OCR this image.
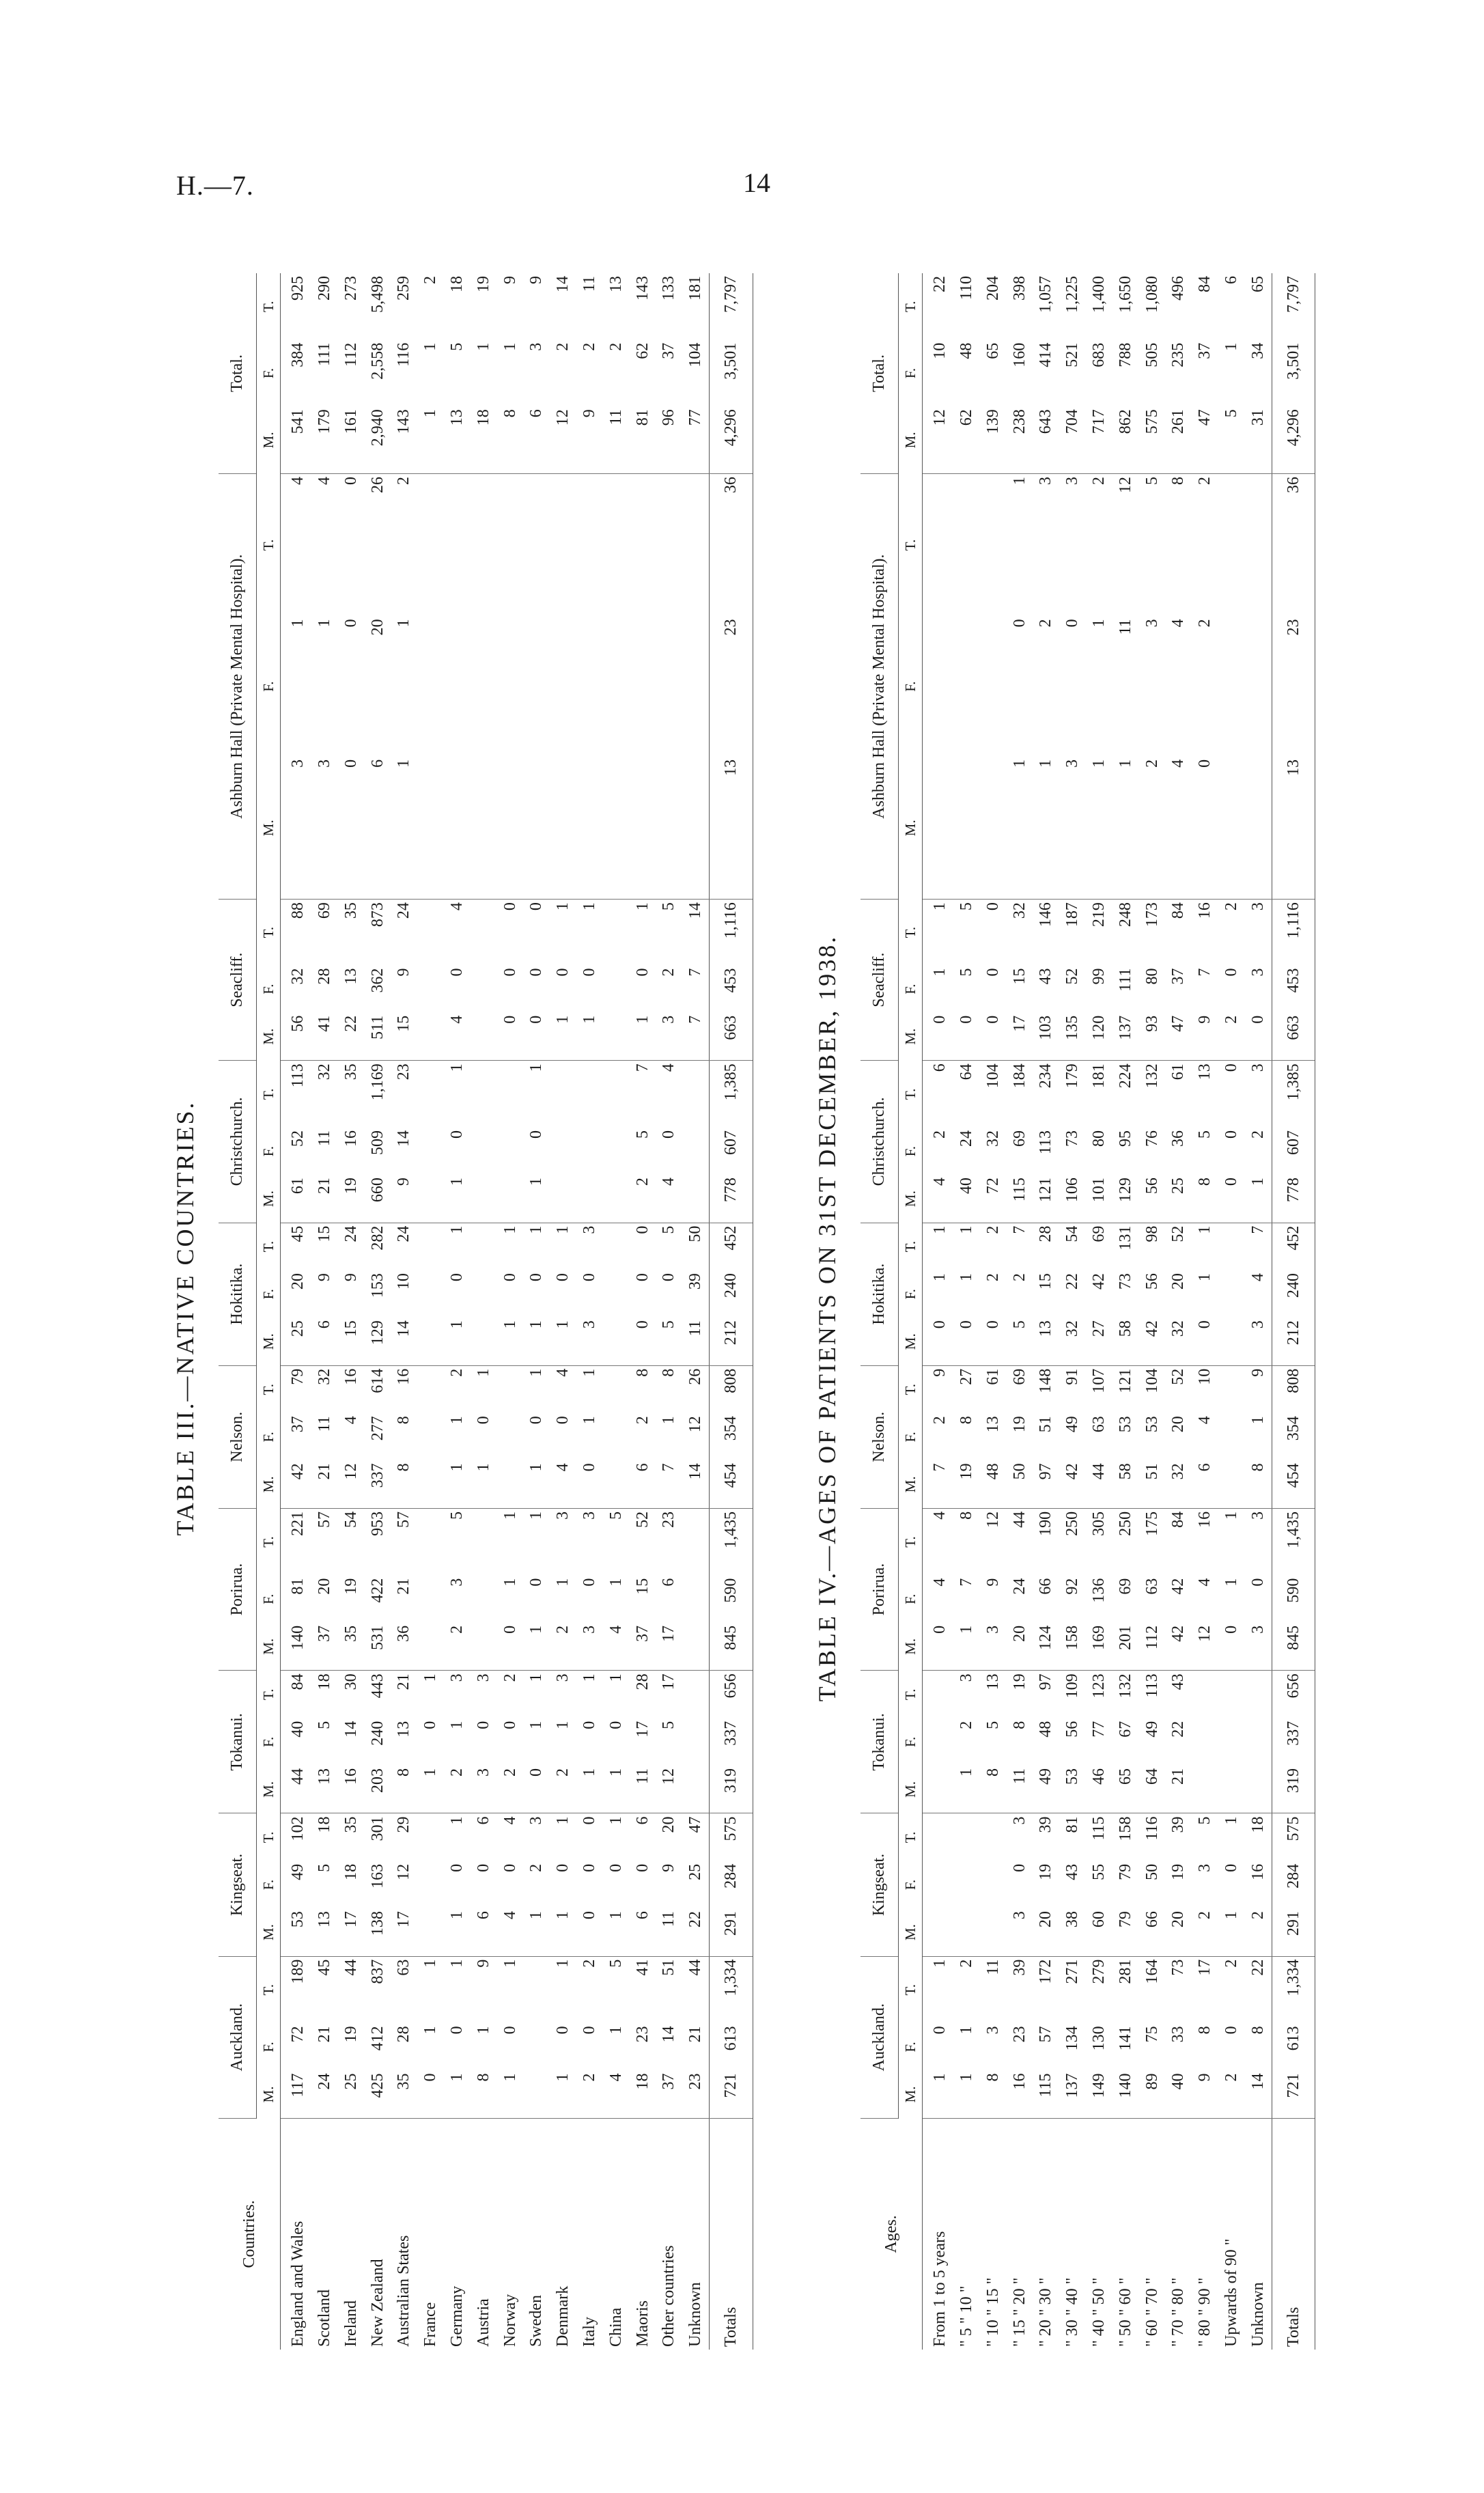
H.—7.	14
TABLE III.—NATIVE COUNTRIES.
Countries.	Auckland.			Kingseat.			Tokanui.			Porirua.			Nelson.			Hokitika.			Christchurch.			Seacliff.			Ashburn Hall (Private Mental Hospital).			Total.		
	M.	F.	T.	M.	F.	T.	M.	F.	T.	M.	F.	T.	M.	F.	T.	M.	F.	T.	M.	F.	T.	M.	F.	T.	M.	F.	T.	M.	F.	T.
England and Wales	117	72	189	53	49	102	44	40	84	140	81	221	42	37	79	25	20	45	61	52	113	56	32	88	3	1	4	541	384	925
Scotland	24	21	45	13	5	18	13	5	18	37	20	57	21	11	32	6	9	15	21	11	32	41	28	69	3	1	4	179	111	290
Ireland	25	19	44	17	18	35	16	14	30	35	19	54	12	4	16	15	9	24	19	16	35	22	13	35	0	0	0	161	112	273
New Zealand	425	412	837	138	163	301	203	240	443	531	422	953	337	277	614	129	153	282	660	509	1,169	511	362	873	6	20	26	2,940	2,558	5,498
Australian States	35	28	63	17	12	29	8	13	21	36	21	57	8	8	16	14	10	24	9	14	23	15	9	24	1	1	2	143	116	259
France	0	1	1				1	0	1																			1	1	2
Germany	1	0	1	1	0	1	2	1	3	2	3	5	1	1	2	1	0	1	1	0	1	4	0	4				13	5	18
Austria	8	1	9	6	0	6	3	0	3				1	0	1													18	1	19
Norway	1	0	1	4	0	4	2	0	2	0	1	1				1	0	1				0	0	0				8	1	9
Sweden				1	2	3	0	1	1	1	0	1	1	0	1	1	0	1	1	0	1	0	0	0				6	3	9
Denmark	1	0	1	1	0	1	2	1	3	2	1	3	4	0	4	1	0	1				1	0	1				12	2	14
Italy	2	0	2	0	0	0	1	0	1	3	0	3	0	1	1	3	0	3				1	0	1				9	2	11
China	4	1	5	1	0	1	1	0	1	4	1	5																11	2	13
Maoris	18	23	41	6	0	6	11	17	28	37	15	52	6	2	8	0	0	0	2	5	7	1	0	1				81	62	143
Other countries	37	14	51	11	9	20	12	5	17	17	6	23	7	1	8	5	0	5	4	0	4	3	2	5				96	37	133
Unknown	23	21	44	22	25	47							14	12	26	11	39	50				7	7	14				77	104	181
Totals	721	613	1,334	291	284	575	319	337	656	845	590	1,435	454	354	808	212	240	452	778	607	1,385	663	453	1,116	13	23	36	4,296	3,501	7,797
TABLE IV.—AGES OF PATIENTS ON 31ST DECEMBER, 1938.
Ages.	Auckland.			Kingseat.			Tokanui.			Porirua.			Nelson.			Hokitika.			Christchurch.			Seacliff.			Ashburn Hall (Private Mental Hospital).			Total.		
	M.	F.	T.	M.	F.	T.	M.	F.	T.	M.	F.	T.	M.	F.	T.	M.	F.	T.	M.	F.	T.	M.	F.	T.	M.	F.	T.	M.	F.	T.
From 1 to 5 years	1	0	1							0	4	4	7	2	9	0	1	1	4	2	6	0	1	1				12	10	22
" 5 " 10 "	1	1	2				1	2	3	1	7	8	19	8	27	0	1	1	40	24	64	0	5	5				62	48	110
" 10 " 15 "	8	3	11				8	5	13	3	9	12	48	13	61	0	2	2	72	32	104	0	0	0				139	65	204
" 15 " 20 "	16	23	39	3	0	3	11	8	19	20	24	44	50	19	69	5	2	7	115	69	184	17	15	32	1	0	1	238	160	398
" 20 " 30 "	115	57	172	20	19	39	49	48	97	124	66	190	97	51	148	13	15	28	121	113	234	103	43	146	1	2	3	643	414	1,057
" 30 " 40 "	137	134	271	38	43	81	53	56	109	158	92	250	42	49	91	32	22	54	106	73	179	135	52	187	3	0	3	704	521	1,225
" 40 " 50 "	149	130	279	60	55	115	46	77	123	169	136	305	44	63	107	27	42	69	101	80	181	120	99	219	1	1	2	717	683	1,400
" 50 " 60 "	140	141	281	79	79	158	65	67	132	201	69	250	58	53	121	58	73	131	129	95	224	137	111	248	1	11	12	862	788	1,650
" 60 " 70 "	89	75	164	66	50	116	64	49	113	112	63	175	51	53	104	42	56	98	56	76	132	93	80	173	2	3	5	575	505	1,080
" 70 " 80 "	40	33	73	20	19	39	21	22	43	42	42	84	32	20	52	32	20	52	25	36	61	47	37	84	4	4	8	261	235	496
" 80 " 90 "	9	8	17	2	3	5				12	4	16	6	4	10	0	1	1	8	5	13	9	7	16	0	2	2	47	37	84
Upwards of 90 "	2	0	2	1	0	1				0	1	1							0	0	0	2	0	2				5	1	6
Unknown	14	8	22	2	16	18				3	0	3	8	1	9	3	4	7	1	2	3	0	3	3				31	34	65
Totals	721	613	1,334	291	284	575	319	337	656	845	590	1,435	454	354	808	212	240	452	778	607	1,385	663	453	1,116	13	23	36	4,296	3,501	7,797
